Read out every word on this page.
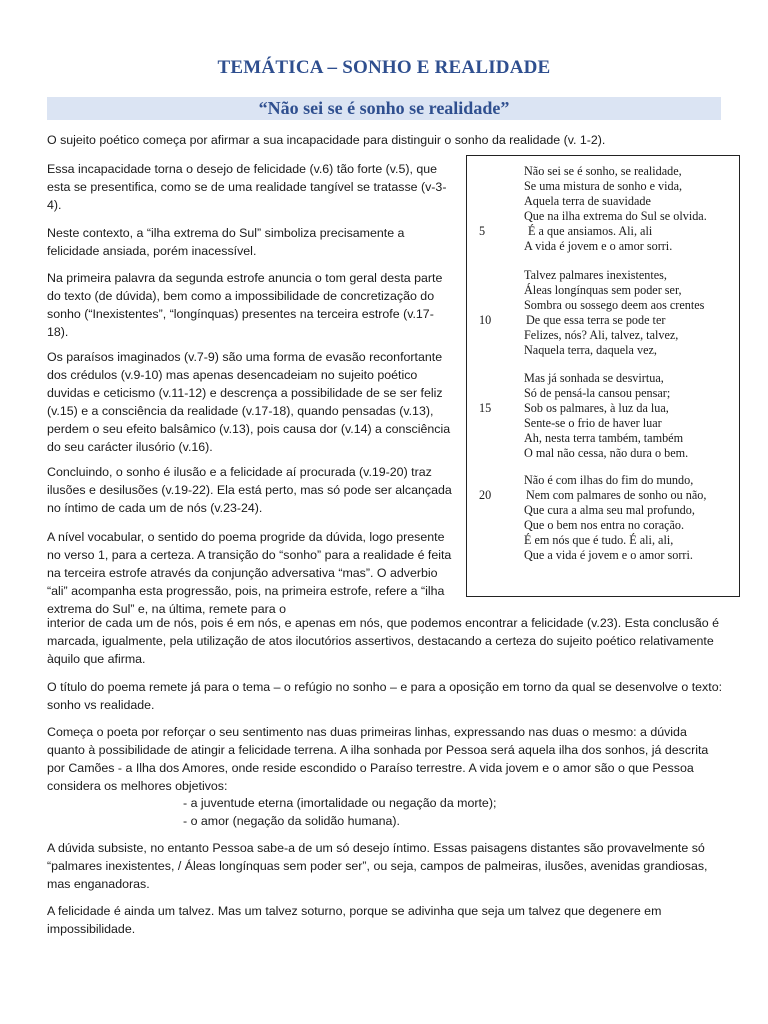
TEMÁTICA – SONHO E REALIDADE
“Não sei se é sonho se realidade”

O sujeito poético começa por afirmar a sua incapacidade para distinguir o sonho da realidade (v. 1-2).

Essa incapacidade torna o desejo de felicidade (v.6) tão forte (v.5), que esta se presentifica, como se de uma realidade tangível se tratasse (v-3-4).

Neste contexto, a “ilha extrema do Sul” simboliza precisamente a felicidade ansiada, porém inacessível.

Na primeira palavra da segunda estrofe anuncia o tom geral desta parte do texto (de dúvida), bem como a impossibilidade de concretização do sonho (“Inexistentes”, “longínquas) presentes na terceira estrofe (v.17-18).

Os paraísos imaginados (v.7-9) são uma forma de evasão reconfortante dos crédulos (v.9-10) mas apenas desencadeiam no sujeito poético duvidas e ceticismo (v.11-12) e descrença a possibilidade de se ser feliz (v.15) e a consciência da realidade (v.17-18), quando pensadas (v.13), perdem o seu efeito balsâmico (v.13), pois causa dor (v.14) a consciência do seu carácter ilusório (v.16).

Concluindo, o sonho é ilusão e a felicidade aí procurada (v.19-20) traz ilusões e desilusões (v.19-22). Ela está perto, mas só pode ser alcançada no íntimo de cada um de nós (v.23-24).

A nível vocabular, o sentido do poema progride da dúvida, logo presente no verso 1, para a certeza. A transição do “sonho” para a realidade é feita na terceira estrofe através da conjunção adversativa “mas”. O adverbio “ali” acompanha esta progressão, pois, na primeira estrofe, refere a “ilha extrema do Sul” e, na última, remete para o

interior de cada um de nós, pois é em nós, e apenas em nós, que podemos encontrar a felicidade (v.23). Esta conclusão é marcada, igualmente, pela utilização de atos ilocutórios assertivos, destacando a certeza do sujeito poético relativamente àquilo que afirma.

O título do poema remete já para o tema – o refúgio no sonho – e para a oposição em torno da qual se desenvolve o texto: sonho vs realidade.

Começa o poeta por reforçar o seu sentimento nas duas primeiras linhas, expressando nas duas o mesmo: a dúvida quanto à possibilidade de atingir a felicidade terrena. A ilha sonhada por Pessoa será aquela ilha dos sonhos, já descrita por Camões - a Ilha dos Amores, onde reside escondido o Paraíso terrestre. A vida jovem e o amor são o que Pessoa considera os melhores objetivos:

- a juventude eterna (imortalidade ou negação da morte);
- o amor (negação da solidão humana).

A dúvida subsiste, no entanto Pessoa sabe-a de um só desejo íntimo. Essas paisagens distantes são provavelmente só “palmares inexistentes, / Áleas longínquas sem poder ser”, ou seja, campos de palmeiras, ilusões, avenidas grandiosas, mas enganadoras.

A felicidade é ainda um talvez. Mas um talvez soturno, porque se adivinha que seja um talvez que degenere em impossibilidade.

Não sei se é sonho, se realidade,
Se uma mistura de sonho e vida,
Aquela terra de suavidade
Que na ilha extrema do Sul se olvida.
É a que ansiamos. Ali, ali
A vida é jovem e o amor sorri.
Talvez palmares inexistentes,
Áleas longínquas sem poder ser,
Sombra ou sossego deem aos crentes
De que essa terra se pode ter
Felizes, nós? Ali, talvez, talvez,
Naquela terra, daquela vez,
Mas já sonhada se desvirtua,
Só de pensá-la cansou pensar;
Sob os palmares, à luz da lua,
Sente-se o frio de haver luar
Ah, nesta terra também, também
O mal não cessa, não dura o bem.
Não é com ilhas do fim do mundo,
Nem com palmares de sonho ou não,
Que cura a alma seu mal profundo,
Que o bem nos entra no coração.
É em nós que é tudo. É ali, ali,
Que a vida é jovem e o amor sorri.
5
10
15
20
